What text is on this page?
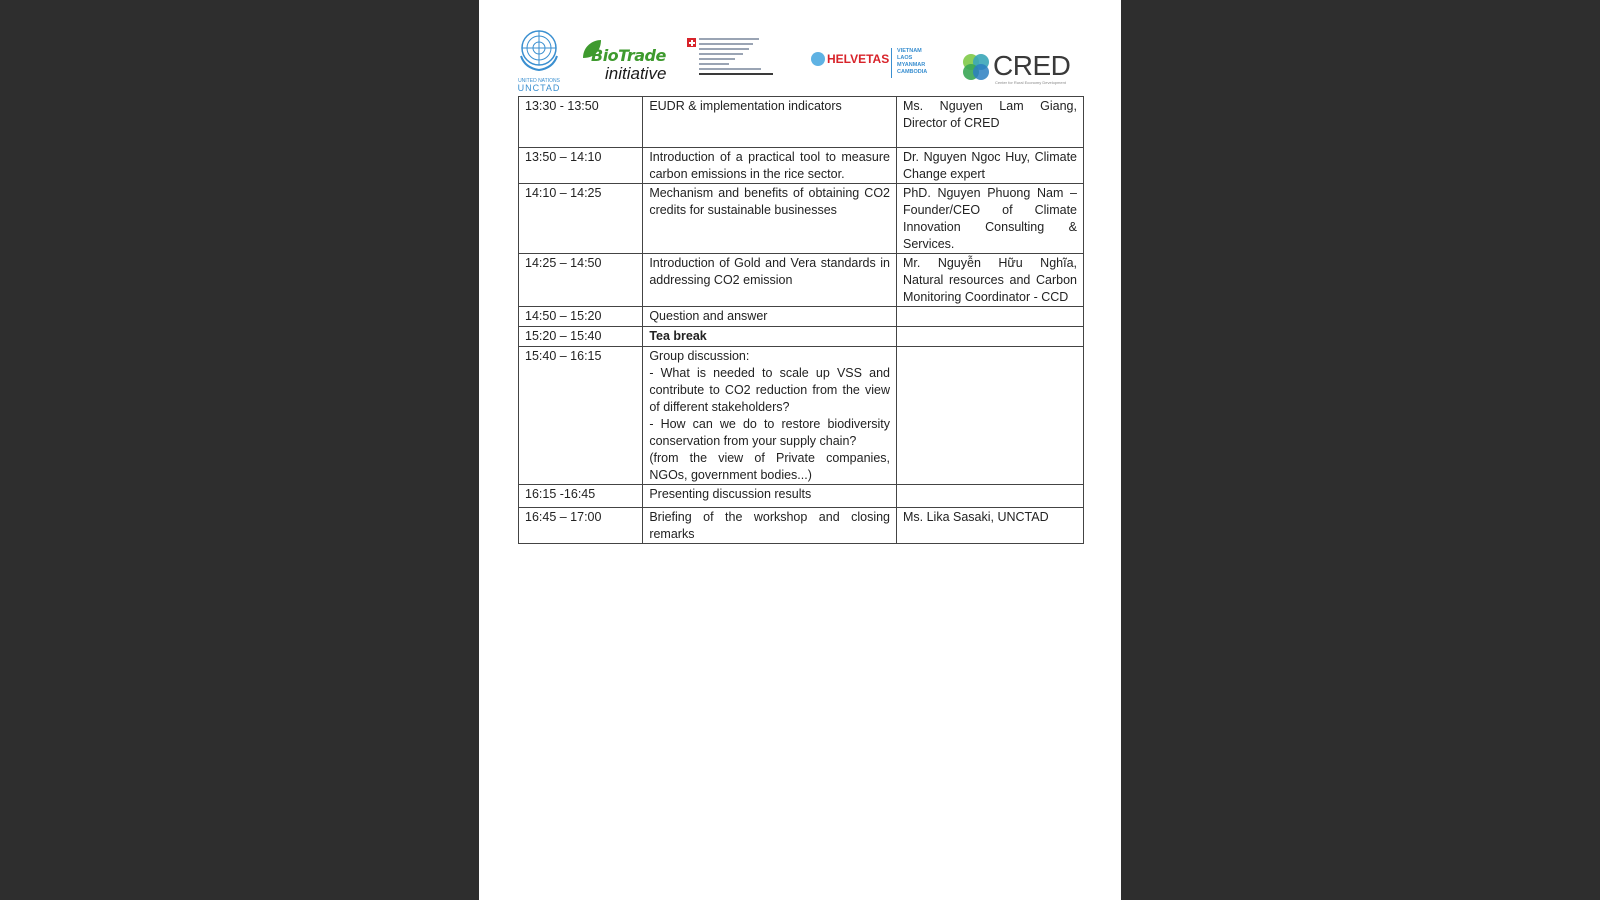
UNITED NATIONS
UNCTAD
BioTrade
initiative
HELVETAS
VIETNAM
LAOS
MYANMAR
CAMBODIA CRED
Center for Rural Economy Development
13:30 - 13:50	EUDR & implementation indicators	Ms. Nguyen Lam Giang, Director of CRED
13:50 – 14:10	Introduction of a practical tool to measure carbon emissions in the rice sector.	Dr. Nguyen Ngoc Huy, Climate Change expert
14:10 – 14:25	Mechanism and benefits of obtaining CO2 credits for sustainable businesses	PhD. Nguyen Phuong Nam – Founder/CEO of Climate Innovation Consulting & Services.
14:25 – 14:50	Introduction of Gold and Vera standards in addressing CO2 emission	Mr. Nguyễn Hữu Nghĩa, Natural resources and Carbon Monitoring Coordinator - CCD
14:50 – 15:20	Question and answer	

15:20 – 15:40	Tea break	

15:40 – 16:15	Group discussion:
- What is needed to scale up VSS and contribute to CO2 reduction from the view of different stakeholders?
- How can we do to restore biodiversity conservation from your supply chain?
(from the view of Private companies, NGOs, government bodies...)	

16:15 -16:45	Presenting discussion results	

16:45 – 17:00	Briefing of the workshop and closing remarks	Ms. Lika Sasaki, UNCTAD
